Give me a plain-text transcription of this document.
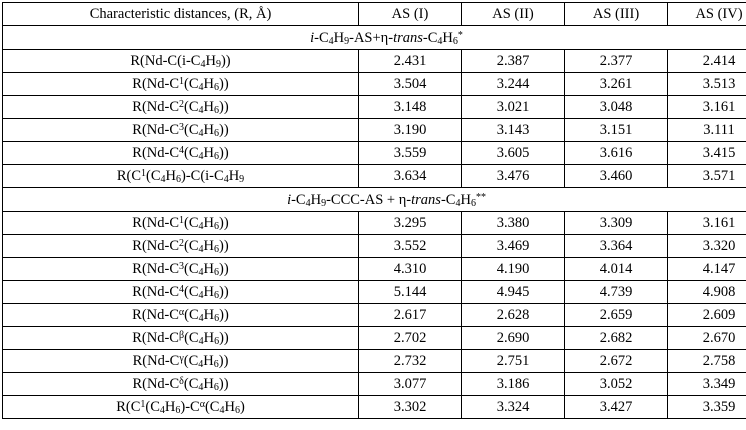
Characteristic distances, (R, Å)	AS (I)	AS (II)	AS (III)	AS (IV)
$i-C_4H_9-AS+\eta-trans-C_4H_6^*$
$R(Nd-C(i-C_4H_9))$	2.431	2.387	2.377	2.414
$R(Nd-C^1(C_4H_6))$	3.504	3.244	3.261	3.513
$R(Nd-C^2(C_4H_6))$	3.148	3.021	3.048	3.161
$R(Nd-C^3(C_4H_6))$	3.190	3.143	3.151	3.111
$R(Nd-C^4(C_4H_6))$	3.559	3.605	3.616	3.415
$R(C^1(C_4H_6)-C(i-C_4H_9$	3.634	3.476	3.460	3.571
$i-C_4H_9-CCC-AS$ + $\eta-trans-C_4H_6^{**}$
$R(Nd-C^1(C_4H_6))$	3.295	3.380	3.309	3.161
$R(Nd-C^2(C_4H_6))$	3.552	3.469	3.364	3.320
$R(Nd-C^3(C_4H_6))$	4.310	4.190	4.014	4.147
$R(Nd-C^4(C_4H_6))$	5.144	4.945	4.739	4.908
$R(Nd-C^\alpha(C_4H_6))$	2.617	2.628	2.659	2.609
$R(Nd-C^\beta(C_4H_6))$	2.702	2.690	2.682	2.670
$R(Nd-C^\gamma(C_4H_6))$	2.732	2.751	2.672	2.758
$R(Nd-C^\delta(C_4H_6))$	3.077	3.186	3.052	3.349
$R(C^1(C_4H_6)-C^\alpha(C_4H_6)$	3.302	3.324	3.427	3.359
